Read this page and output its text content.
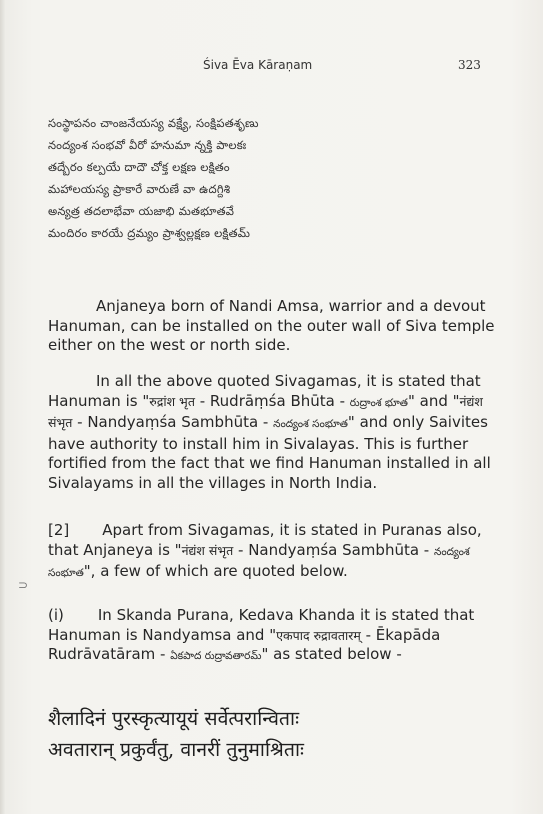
Śiva Ēva Kāraṇam	323
సంస్థాపనం చాంజనేయస్య వక్ష్యే, సంక్షిపతశృణు
నంద్యంశ సంభవో వీరో హనుమా న్నక్తి పాలకః
తద్బేరం కల్పయే దాదౌ చోక్త లక్షణ లక్షితం
మహాలయస్య ప్రాకారే వారుణే వా ఉదగ్దిశి
అన్యత్ర తదలాభేవా యజాభి మతభూతవే
మందిరం కారయే ద్రమ్యం ప్రాశ్వల్లక్షణ లక్షితమ్
Anjaneya born of Nandi Amsa, warrior and a devout Hanuman, can be installed on the outer wall of Siva temple either on the west or north side.
In all the above quoted Sivagamas, it is stated that Hanuman is "रुद्रांश भृत - Rudrāṃśa Bhūta - రుద్రాంశ భూత" and "नंद्यंश संभृत - Nandyaṃśa Sambhūta - నంద్యంశ సంభూత" and only Saivites have authority to install him in Sivalayas. This is further fortified from the fact that we find Hanuman installed in all Sivalayams in all the villages in North India.
[2] Apart from Sivagamas, it is stated in Puranas also, that Anjaneya is "नंद्यंश संभृत - Nandyaṃśa Sambhūta - నంద్యంశ సంభూత", a few of which are quoted below.
⊃
(i) In Skanda Purana, Kedava Khanda it is stated that Hanuman is Nandyamsa and "एकपाद रुद्रावतारम् - Ēkapāda Rudrāvatāram - ఏకపాద రుద్రావతారమ్" as stated below -
शैलादिनं पुरस्कृत्यायूयं सर्वेत्परान्विताः
अवतारान् प्रकुर्वंतु, वानरीं तुनुमाश्रिताः
